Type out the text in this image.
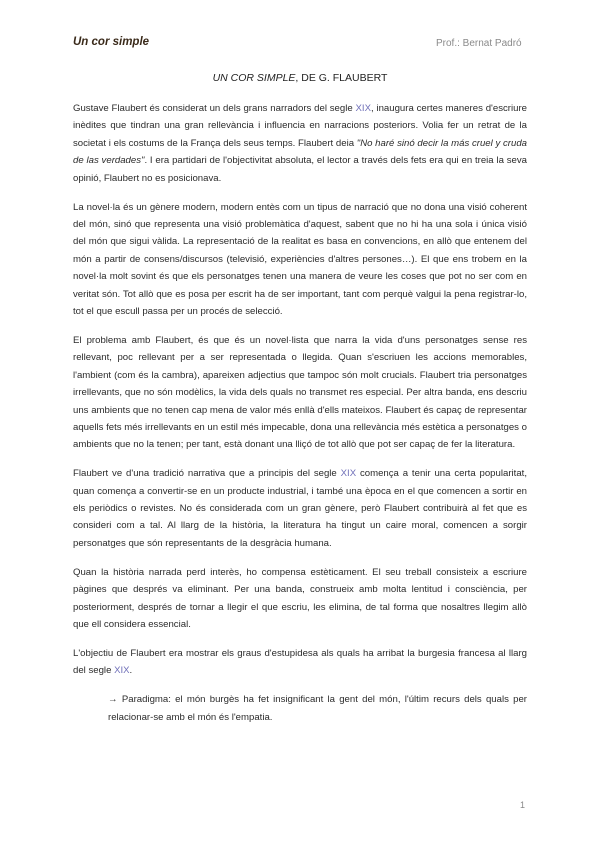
Un cor simple	Prof.: Bernat Padró
UN COR SIMPLE, DE G. FLAUBERT

Gustave Flaubert és considerat un dels grans narradors del segle XIX, inaugura certes maneres d'escriure inèdites que tindran una gran rellevància i influencia en narracions posteriors. Volia fer un retrat de la societat i els costums de la França dels seus temps. Flaubert deia "No haré sinó decir la más cruel y cruda de las verdades". I era partidari de l'objectivitat absoluta, el lector a través dels fets era qui en treia la seva opinió, Flaubert no es posicionava.

La novel·la és un gènere modern, modern entès com un tipus de narració que no dona una visió coherent del món, sinó que representa una visió problemàtica d'aquest, sabent que no hi ha una sola i única visió del món que sigui vàlida. La representació de la realitat es basa en convencions, en allò que entenem del món a partir de consens/discursos (televisió, experiències d'altres persones…). El que ens trobem en la novel·la molt sovint és que els personatges tenen una manera de veure les coses que pot no ser com en veritat són. Tot allò que es posa per escrit ha de ser important, tant com perquè valgui la pena registrar-lo, tot el que escull passa per un procés de selecció.

El problema amb Flaubert, és que és un novel·lista que narra la vida d'uns personatges sense res rellevant, poc rellevant per a ser representada o llegida. Quan s'escriuen les accions memorables, l'ambient (com és la cambra), apareixen adjectius que tampoc són molt crucials. Flaubert tria personatges irrellevants, que no són modèlics, la vida dels quals no transmet res especial. Per altra banda, ens descriu uns ambients que no tenen cap mena de valor més enllà d'ells mateixos. Flaubert és capaç de representar aquells fets més irrellevants en un estil més impecable, dona una rellevància més estètica a personatges o ambients que no la tenen; per tant, està donant una lliçó de tot allò que pot ser capaç de fer la literatura.

Flaubert ve d'una tradició narrativa que a principis del segle XIX comença a tenir una certa popularitat, quan comença a convertir-se en un producte industrial, i també una època en el que comencen a sortir en els periòdics o revistes. No és considerada com un gran gènere, però Flaubert contribuirà al fet que es consideri com a tal. Al llarg de la història, la literatura ha tingut un caire moral, comencen a sorgir personatges que són representants de la desgràcia humana.

Quan la història narrada perd interès, ho compensa estèticament. El seu treball consisteix a escriure pàgines que després va eliminant. Per una banda, construeix amb molta lentitud i consciència, per posteriorment, després de tornar a llegir el que escriu, les elimina, de tal forma que nosaltres llegim allò que ell considera essencial.

L'objectiu de Flaubert era mostrar els graus d'estupidesa als quals ha arribat la burgesia francesa al llarg del segle XIX.

→ Paradigma: el món burgès ha fet insignificant la gent del món, l'últim recurs dels quals per relacionar-se amb el món és l'empatia.

1
